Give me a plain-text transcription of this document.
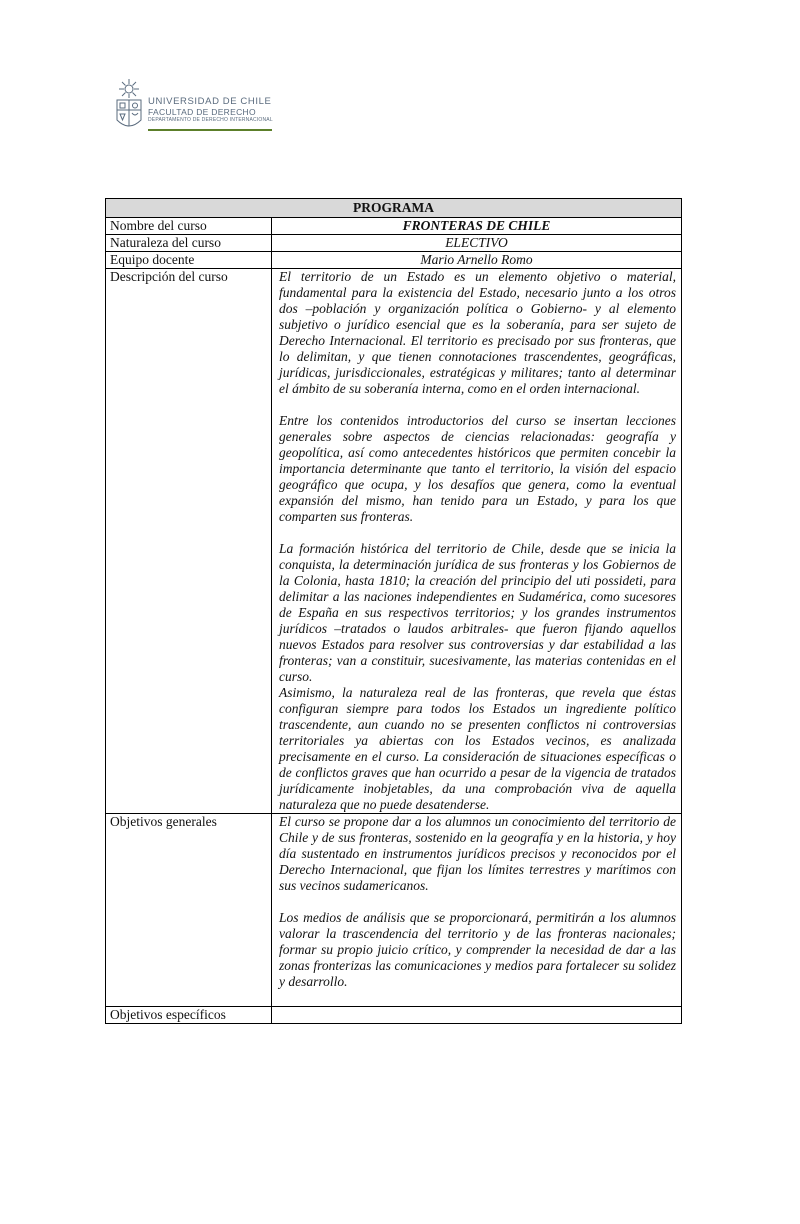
UNIVERSIDAD DE CHILE
FACULTAD DE DERECHO
DEPARTAMENTO DE DERECHO INTERNACIONAL
PROGRAMA	
Nombre del curso	FRONTERAS DE CHILE
Naturaleza del curso	ELECTIVO
Equipo docente	Mario Arnello Romo
Descripción del curso	El territorio de un Estado es un elemento objetivo o material, fundamental para la existencia del Estado, necesario junto a los otros dos –población y organización política o Gobierno- y al elemento subjetivo o jurídico esencial que es la soberanía, para ser sujeto de Derecho Internacional. El territorio es precisado por sus fronteras, que lo delimitan, y que tienen connotaciones trascendentes, geográficas, jurídicas, jurisdiccionales, estratégicas y militares; tanto al determinar el ámbito de su soberanía interna, como en el orden internacional.

Entre los contenidos introductorios del curso se insertan lecciones generales sobre aspectos de ciencias relacionadas: geografía y geopolítica, así como antecedentes históricos que permiten concebir la importancia determinante que tanto el territorio, la visión del espacio geográfico que ocupa, y los desafíos que genera, como la eventual expansión del mismo, han tenido para un Estado, y para los que comparten sus fronteras.

La formación histórica del territorio de Chile, desde que se inicia la conquista, la determinación jurídica de sus fronteras y los Gobiernos de la Colonia, hasta 1810; la creación del principio del uti possideti, para delimitar a las naciones independientes en Sudamérica, como sucesores de España en sus respectivos territorios; y los grandes instrumentos jurídicos –tratados o laudos arbitrales- que fueron fijando aquellos nuevos Estados para resolver sus controversias y dar estabilidad a las fronteras; van a constituir, sucesivamente, las materias contenidas en el curso.

Asimismo, la naturaleza real de las fronteras, que revela que éstas configuran siempre para todos los Estados un ingrediente político trascendente, aun cuando no se presenten conflictos ni controversias territoriales ya abiertas con los Estados vecinos, es analizada precisamente en el curso. La consideración de situaciones específicas o de conflictos graves que han ocurrido a pesar de la vigencia de tratados jurídicamente inobjetables, da una comprobación viva de aquella naturaleza que no puede desatenderse.

Objetivos generales	El curso se propone dar a los alumnos un conocimiento del territorio de Chile y de sus fronteras, sostenido en la geografía y en la historia, y hoy día sustentado en instrumentos jurídicos precisos y reconocidos por el Derecho Internacional, que fijan los límites terrestres y marítimos con sus vecinos sudamericanos.

Los medios de análisis que se proporcionará, permitirán a los alumnos valorar la trascendencia del territorio y de las fronteras nacionales; formar su propio juicio crítico, y comprender la necesidad de dar a las zonas fronterizas las comunicaciones y medios para fortalecer su solidez y desarrollo.

Objetivos específicos	
